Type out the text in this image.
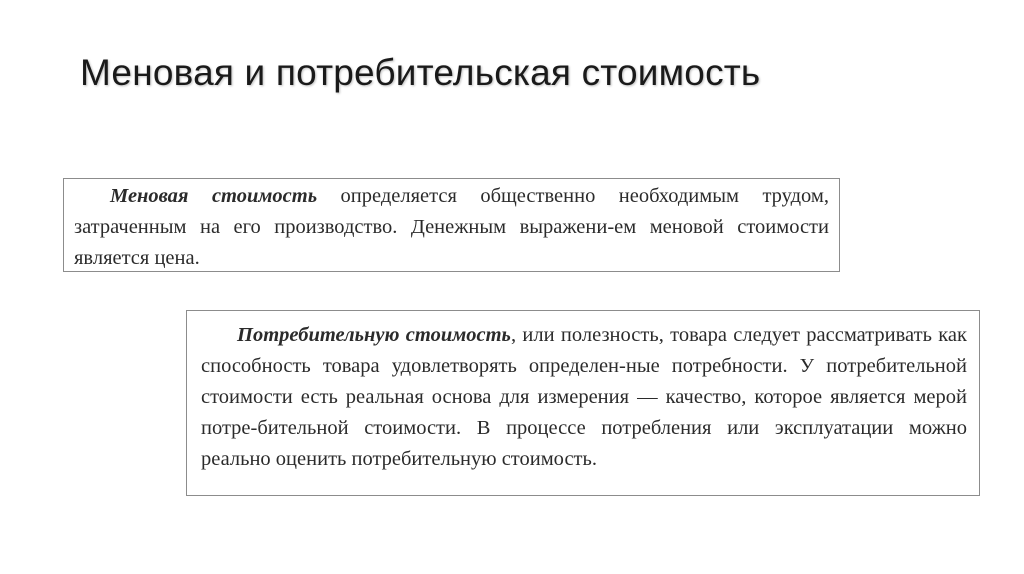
Меновая и потребительская стоимость

Меновая стоимость определяется общественно необходимым трудом, затраченным на его производство. Денежным выражени-ем меновой стоимости является цена.

Потребительную стоимость, или полезность, товара следует рассматривать как способность товара удовлетворять определен-ные потребности. У потребительной стоимости есть реальная основа для измерения — качество, которое является мерой потре-бительной стоимости. В процессе потребления или эксплуатации можно реально оценить потребительную стоимость.
